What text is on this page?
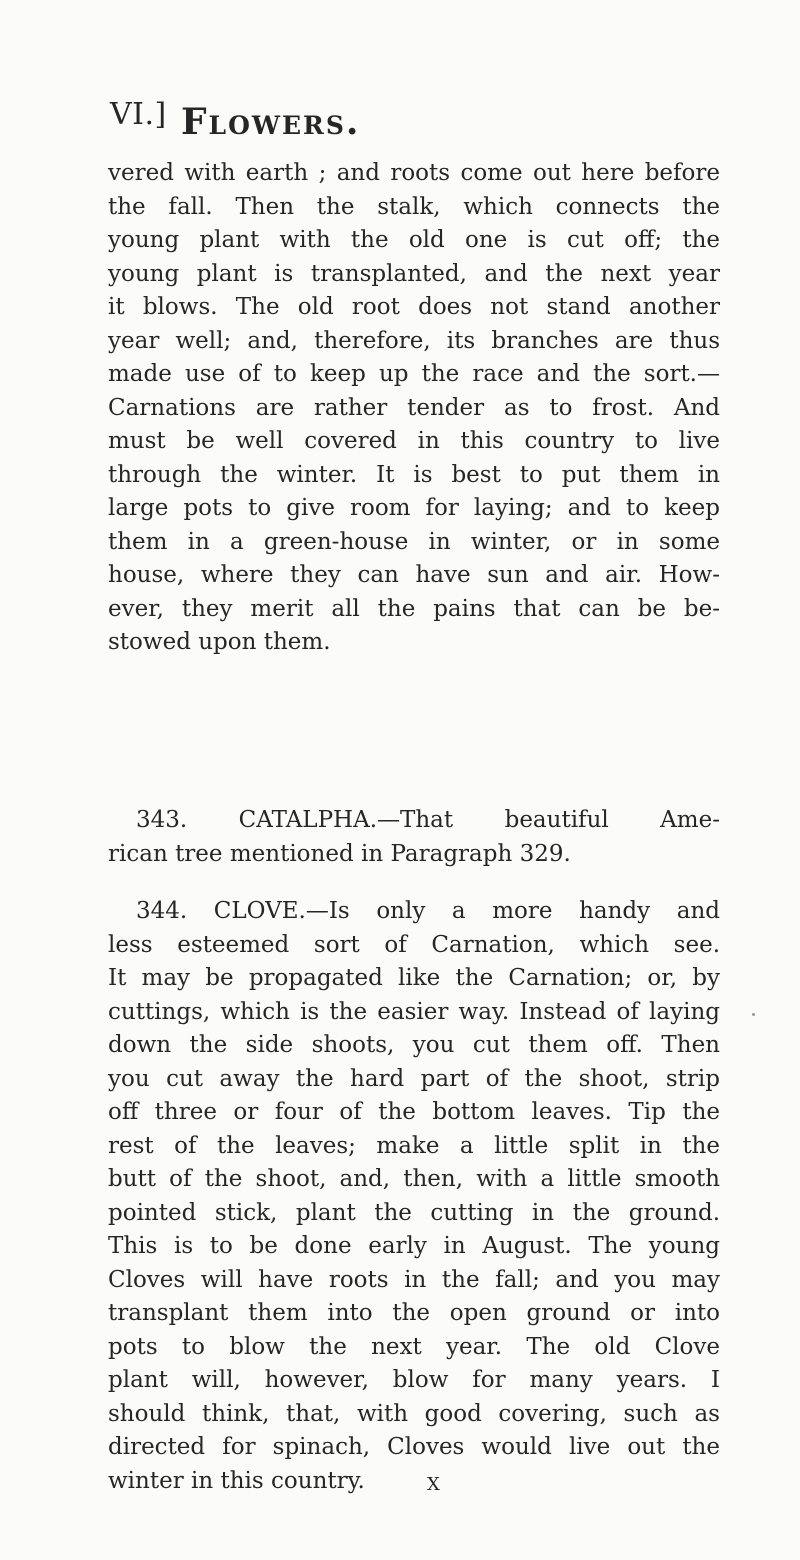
VI.] Flowers.
vered with earth ; and roots come out here before
the fall. Then the stalk, which connects the
young plant with the old one is cut off; the
young plant is transplanted, and the next year
it blows. The old root does not stand another
year well; and, therefore, its branches are thus
made use of to keep up the race and the sort.—
Carnations are rather tender as to frost. And
must be well covered in this country to live
through the winter. It is best to put them in
large pots to give room for laying; and to keep
them in a green-house in winter, or in some
house, where they can have sun and air. How-
ever, they merit all the pains that can be be-
stowed upon them.
343. CATALPHA.—That beautiful Ame-
rican tree mentioned in Paragraph 329.
344. CLOVE.—Is only a more handy and
less esteemed sort of Carnation, which see.
It may be propagated like the Carnation; or, by
cuttings, which is the easier way. Instead of laying
down the side shoots, you cut them off. Then
you cut away the hard part of the shoot, strip
off three or four of the bottom leaves. Tip the
rest of the leaves; make a little split in the
butt of the shoot, and, then, with a little smooth
pointed stick, plant the cutting in the ground.
This is to be done early in August. The young
Cloves will have roots in the fall; and you may
transplant them into the open ground or into
pots to blow the next year. The old Clove
plant will, however, blow for many years. I
should think, that, with good covering, such as
directed for spinach, Cloves would live out the
winter in this country.	X
